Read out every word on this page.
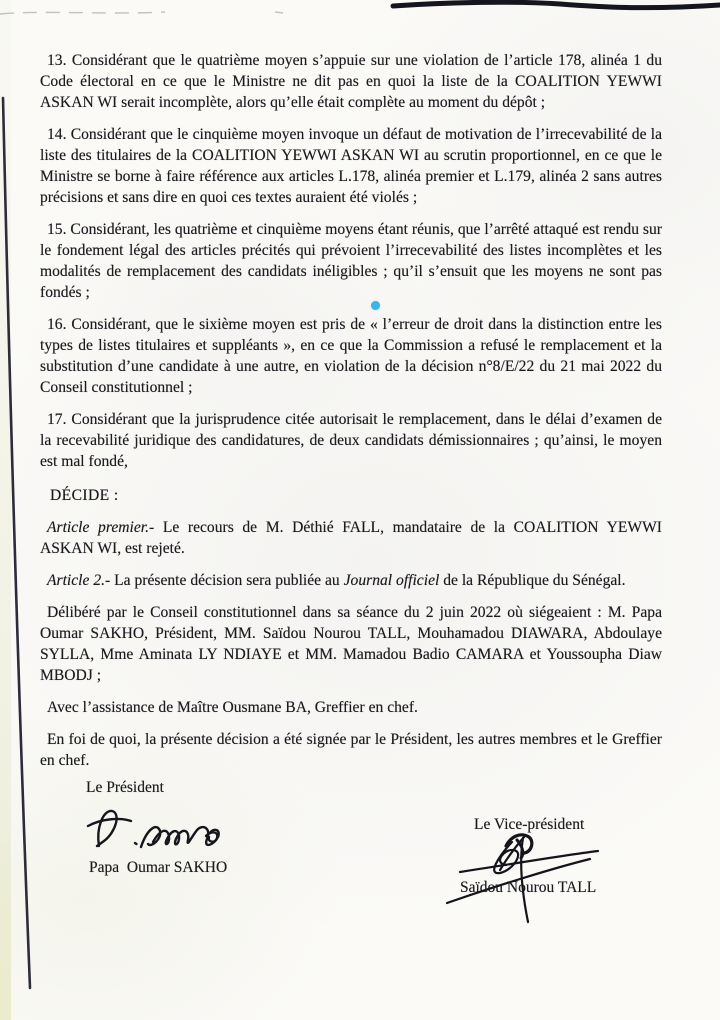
13. Considérant que le quatrième moyen s’appuie sur une violation de l’article 178, alinéa 1 du Code électoral en ce que le Ministre ne dit pas en quoi la liste de la COALITION YEWWI ASKAN WI serait incomplète, alors qu’elle était complète au moment du dépôt ;

14. Considérant que le cinquième moyen invoque un défaut de motivation de l’irrecevabilité de la liste des titulaires de la COALITION YEWWI ASKAN WI au scrutin proportionnel, en ce que le Ministre se borne à faire référence aux articles L.178, alinéa premier et L.179, alinéa 2 sans autres précisions et sans dire en quoi ces textes auraient été violés ;

15. Considérant, les quatrième et cinquième moyens étant réunis, que l’arrêté attaqué est rendu sur le fondement légal des articles précités qui prévoient l’irrecevabilité des listes incomplètes et les modalités de remplacement des candidats inéligibles ; qu’il s’ensuit que les moyens ne sont pas fondés ;

16. Considérant, que le sixième moyen est pris de « l’erreur de droit dans la distinction entre les types de listes titulaires et suppléants », en ce que la Commission a refusé le remplacement et la substitution d’une candidate à une autre, en violation de la décision n°8/E/22 du 21 mai 2022 du Conseil constitutionnel ;

17. Considérant que la jurisprudence citée autorisait le remplacement, dans le délai d’examen de la recevabilité juridique des candidatures, de deux candidats démissionnaires ; qu’ainsi, le moyen est mal fondé,

DÉCIDE :

Article premier.- Le recours de M. Déthié FALL, mandataire de la COALITION YEWWI ASKAN WI, est rejeté.

Article 2.- La présente décision sera publiée au Journal officiel de la République du Sénégal.

Délibéré par le Conseil constitutionnel dans sa séance du 2 juin 2022 où siégeaient : M. Papa Oumar SAKHO, Président, MM. Saïdou Nourou TALL, Mouhamadou DIAWARA, Abdoulaye SYLLA, Mme Aminata LY NDIAYE et MM. Mamadou Badio CAMARA et Youssoupha Diaw MBODJ ;

Avec l’assistance de Maître Ousmane BA, Greffier en chef.

En foi de quoi, la présente décision a été signée par le Président, les autres membres et le Greffier en chef.

Le Président
Papa  Oumar SAKHO
Le Vice-président
Saïdou Nourou TALL
